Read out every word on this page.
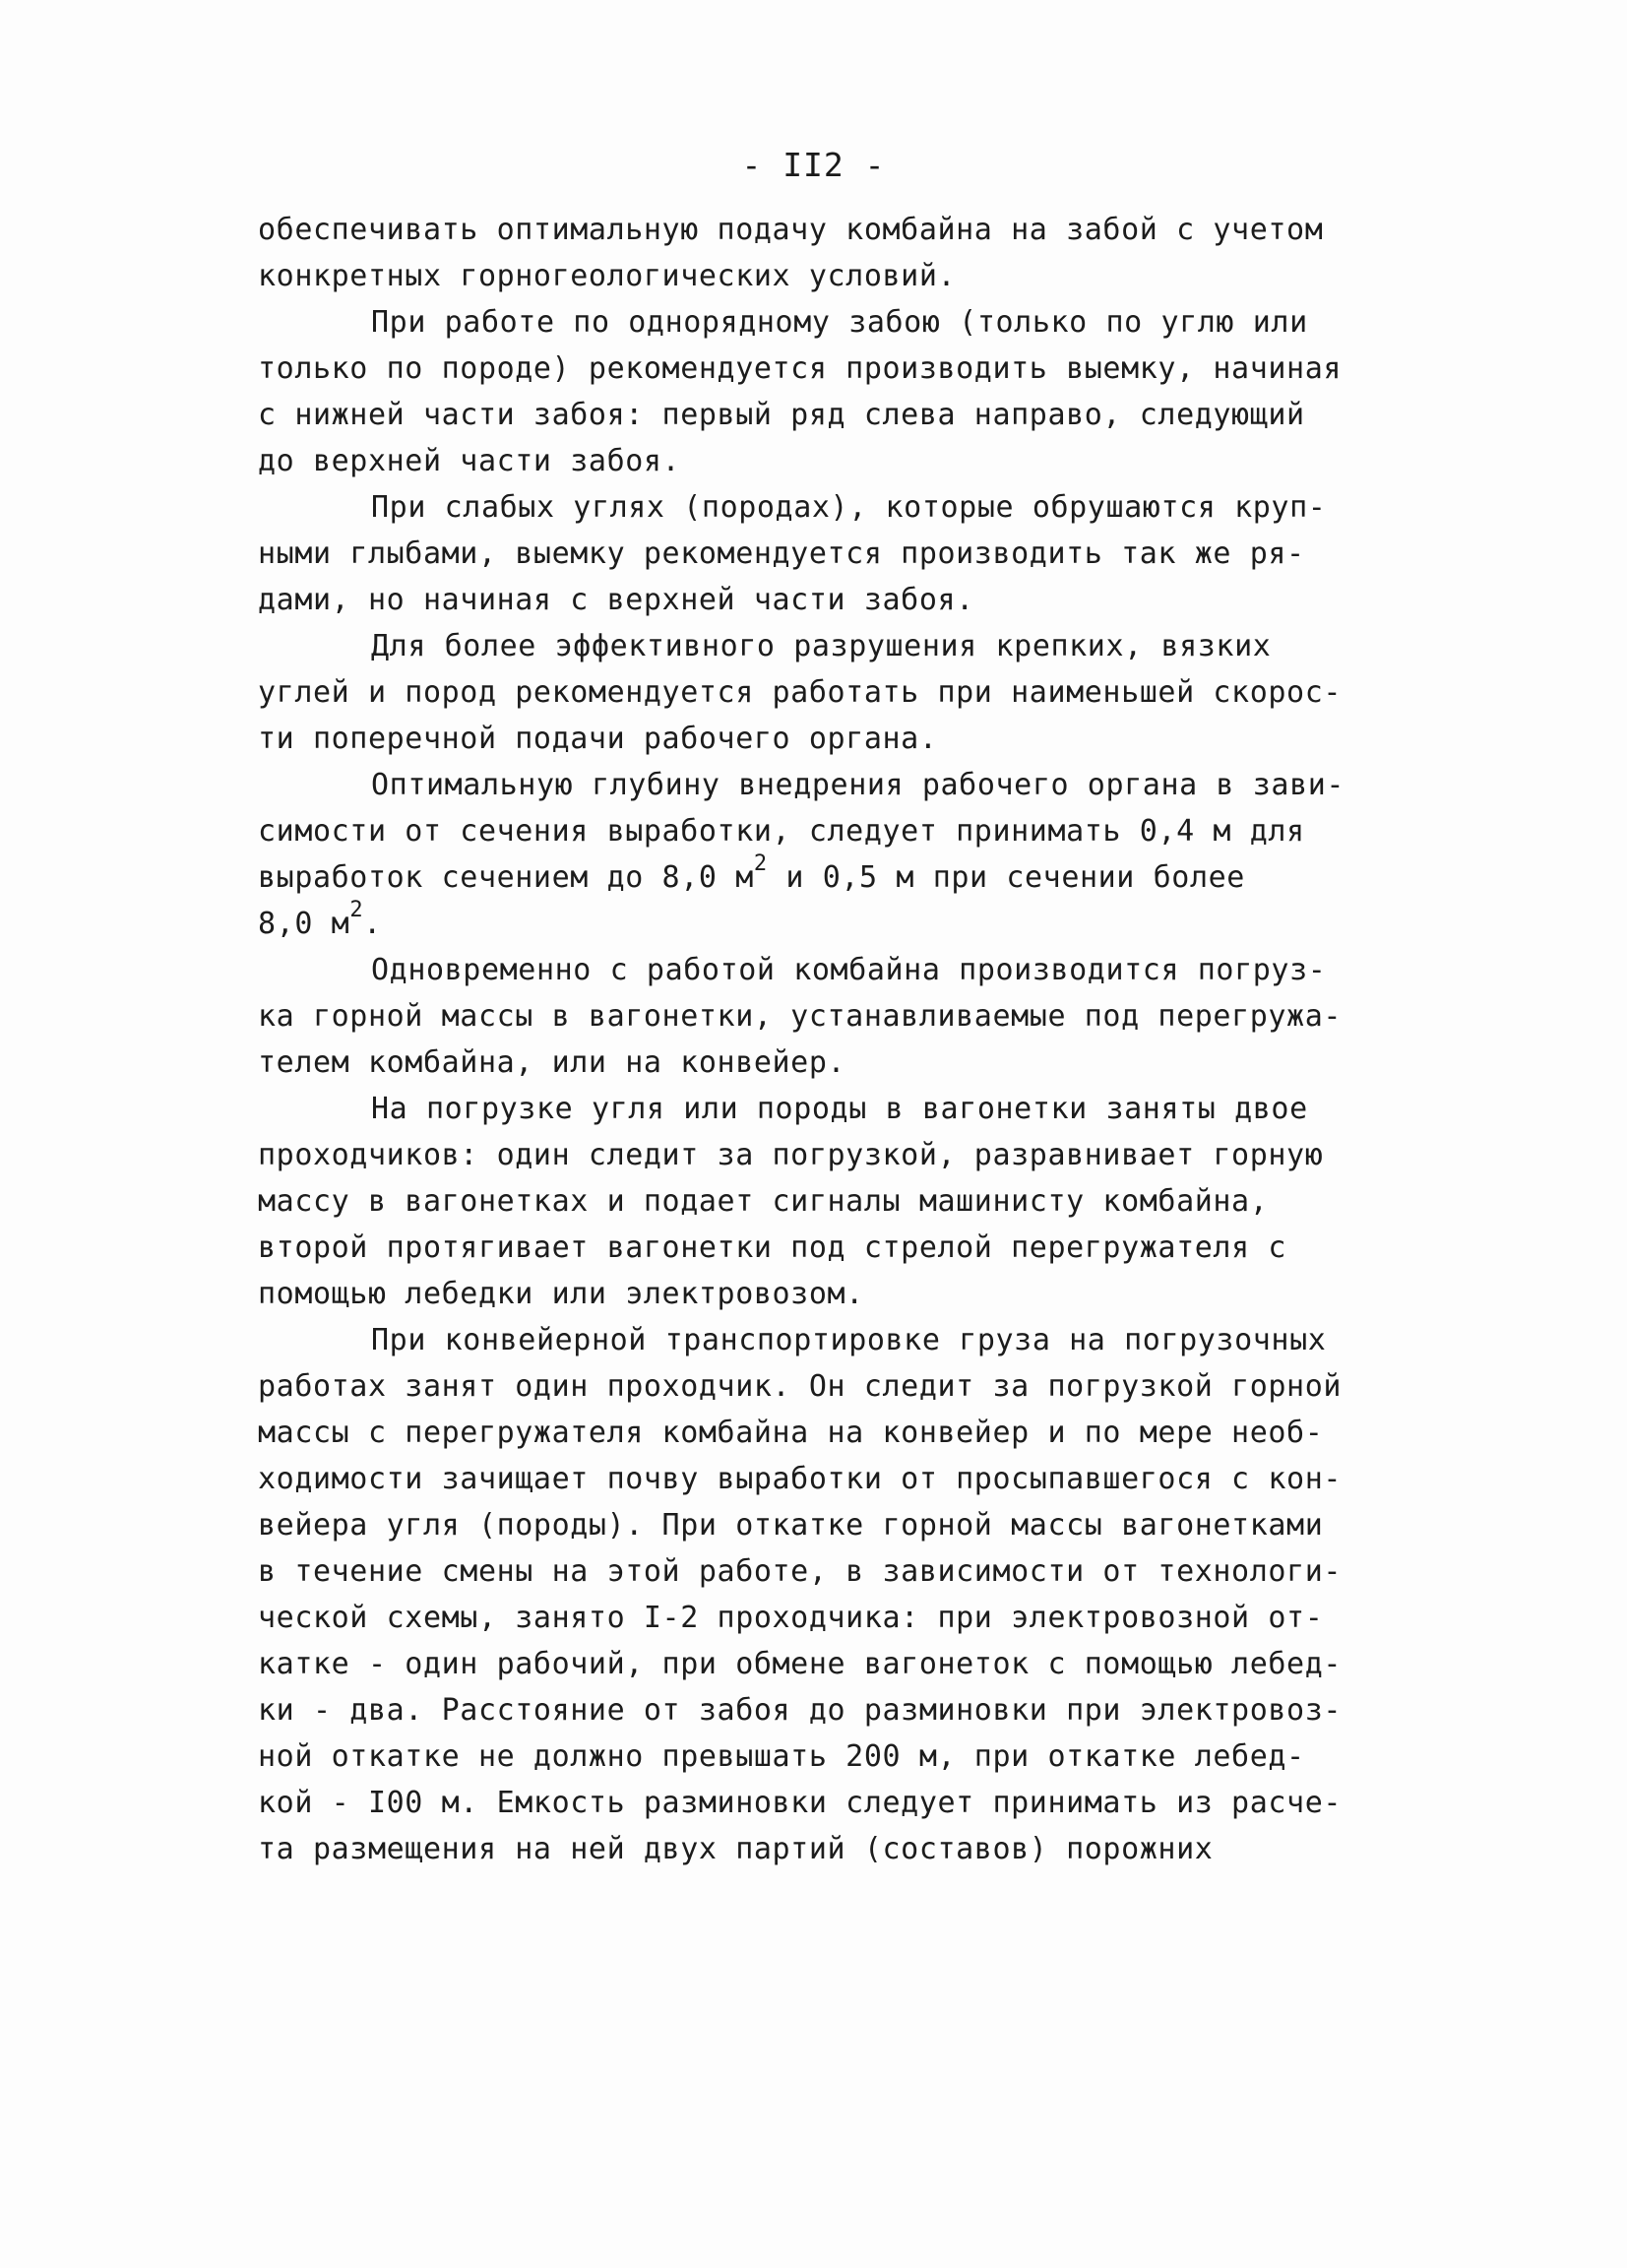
- II2 -
обеспечивать оптимальную подачу комбайна на забой с учетом
конкретных горногеологических условий.
При работе по однорядному забою (только по углю или
только по породе) рекомендуется производить выемку, начиная
с нижней части забоя: первый ряд слева направо, следующий
до верхней части забоя.
При слабых углях (породах), которые обрушаются круп-
ными глыбами, выемку рекомендуется производить так же ря-
дами, но начиная с верхней части забоя.
Для более эффективного разрушения крепких, вязких
углей и пород рекомендуется работать при наименьшей скорос-
ти поперечной подачи рабочего органа.
Оптимальную глубину внедрения рабочего органа в зави-
симости от сечения выработки, следует принимать 0,4 м для
выработок сечением до 8,0 $м^2$ и 0,5 м при сечении более
8,0 $м^2$.
Одновременно с работой комбайна производится погруз-
ка горной массы в вагонетки, устанавливаемые под перегружа-
телем комбайна, или на конвейер.
На погрузке угля или породы в вагонетки заняты двое
проходчиков: один следит за погрузкой, разравнивает горную
массу в вагонетках и подает сигналы машинисту комбайна,
второй протягивает вагонетки под стрелой перегружателя с
помощью лебедки или электровозом.
При конвейерной транспортировке груза на погрузочных
работах занят один проходчик. Он следит за погрузкой горной
массы с перегружателя комбайна на конвейер и по мере необ-
ходимости зачищает почву выработки от просыпавшегося с кон-
вейера угля (породы). При откатке горной массы вагонетками
в течение смены на этой работе, в зависимости от технологи-
ческой схемы, занято I-2 проходчика: при электровозной от-
катке - один рабочий, при обмене вагонеток с помощью лебед-
ки - два. Расстояние от забоя до разминовки при электровоз-
ной откатке не должно превышать 200 м, при откатке лебед-
кой - I00 м. Емкость разминовки следует принимать из расче-
та размещения на ней двух партий (составов) порожних
